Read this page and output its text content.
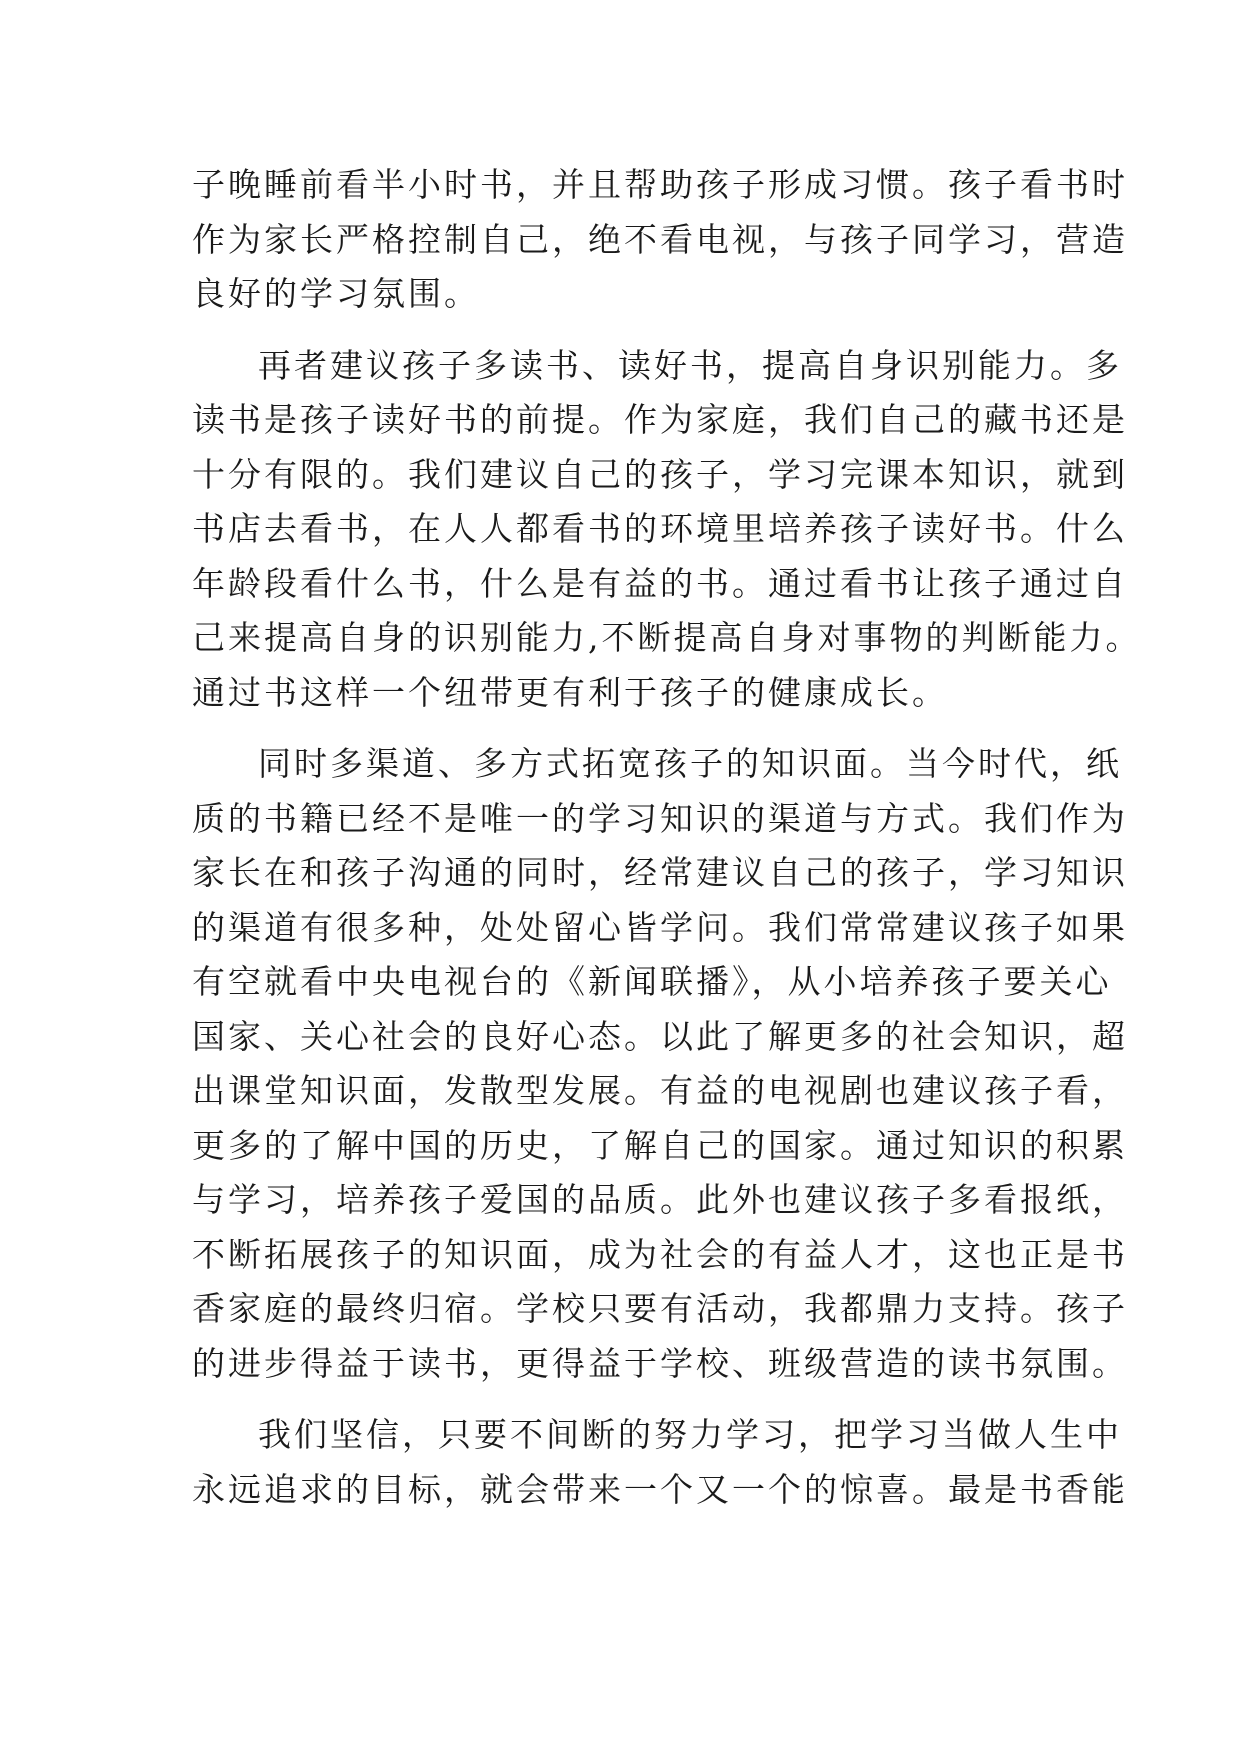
子晚睡前看半小时书，并且帮助孩子形成习惯。孩子看书时
作为家长严格控制自己，绝不看电视，与孩子同学习，营造
良好的学习氛围。
再者建议孩子多读书、读好书，提高自身识别能力。多
读书是孩子读好书的前提。作为家庭，我们自己的藏书还是
十分有限的。我们建议自己的孩子，学习完课本知识，就到
书店去看书，在人人都看书的环境里培养孩子读好书。什么
年龄段看什么书，什么是有益的书。通过看书让孩子通过自
己来提高自身的识别能力,不断提高自身对事物的判断能力。
通过书这样一个纽带更有利于孩子的健康成长。
同时多渠道、多方式拓宽孩子的知识面。当今时代，纸
质的书籍已经不是唯一的学习知识的渠道与方式。我们作为
家长在和孩子沟通的同时，经常建议自己的孩子，学习知识
的渠道有很多种，处处留心皆学问。我们常常建议孩子如果
有空就看中央电视台的《新闻联播》，从小培养孩子要关心
国家、关心社会的良好心态。以此了解更多的社会知识，超
出课堂知识面，发散型发展。有益的电视剧也建议孩子看，
更多的了解中国的历史，了解自己的国家。通过知识的积累
与学习，培养孩子爱国的品质。此外也建议孩子多看报纸，
不断拓展孩子的知识面，成为社会的有益人才，这也正是书
香家庭的最终归宿。学校只要有活动，我都鼎力支持。孩子
的进步得益于读书，更得益于学校、班级营造的读书氛围。
我们坚信，只要不间断的努力学习，把学习当做人生中
永远追求的目标，就会带来一个又一个的惊喜。最是书香能
